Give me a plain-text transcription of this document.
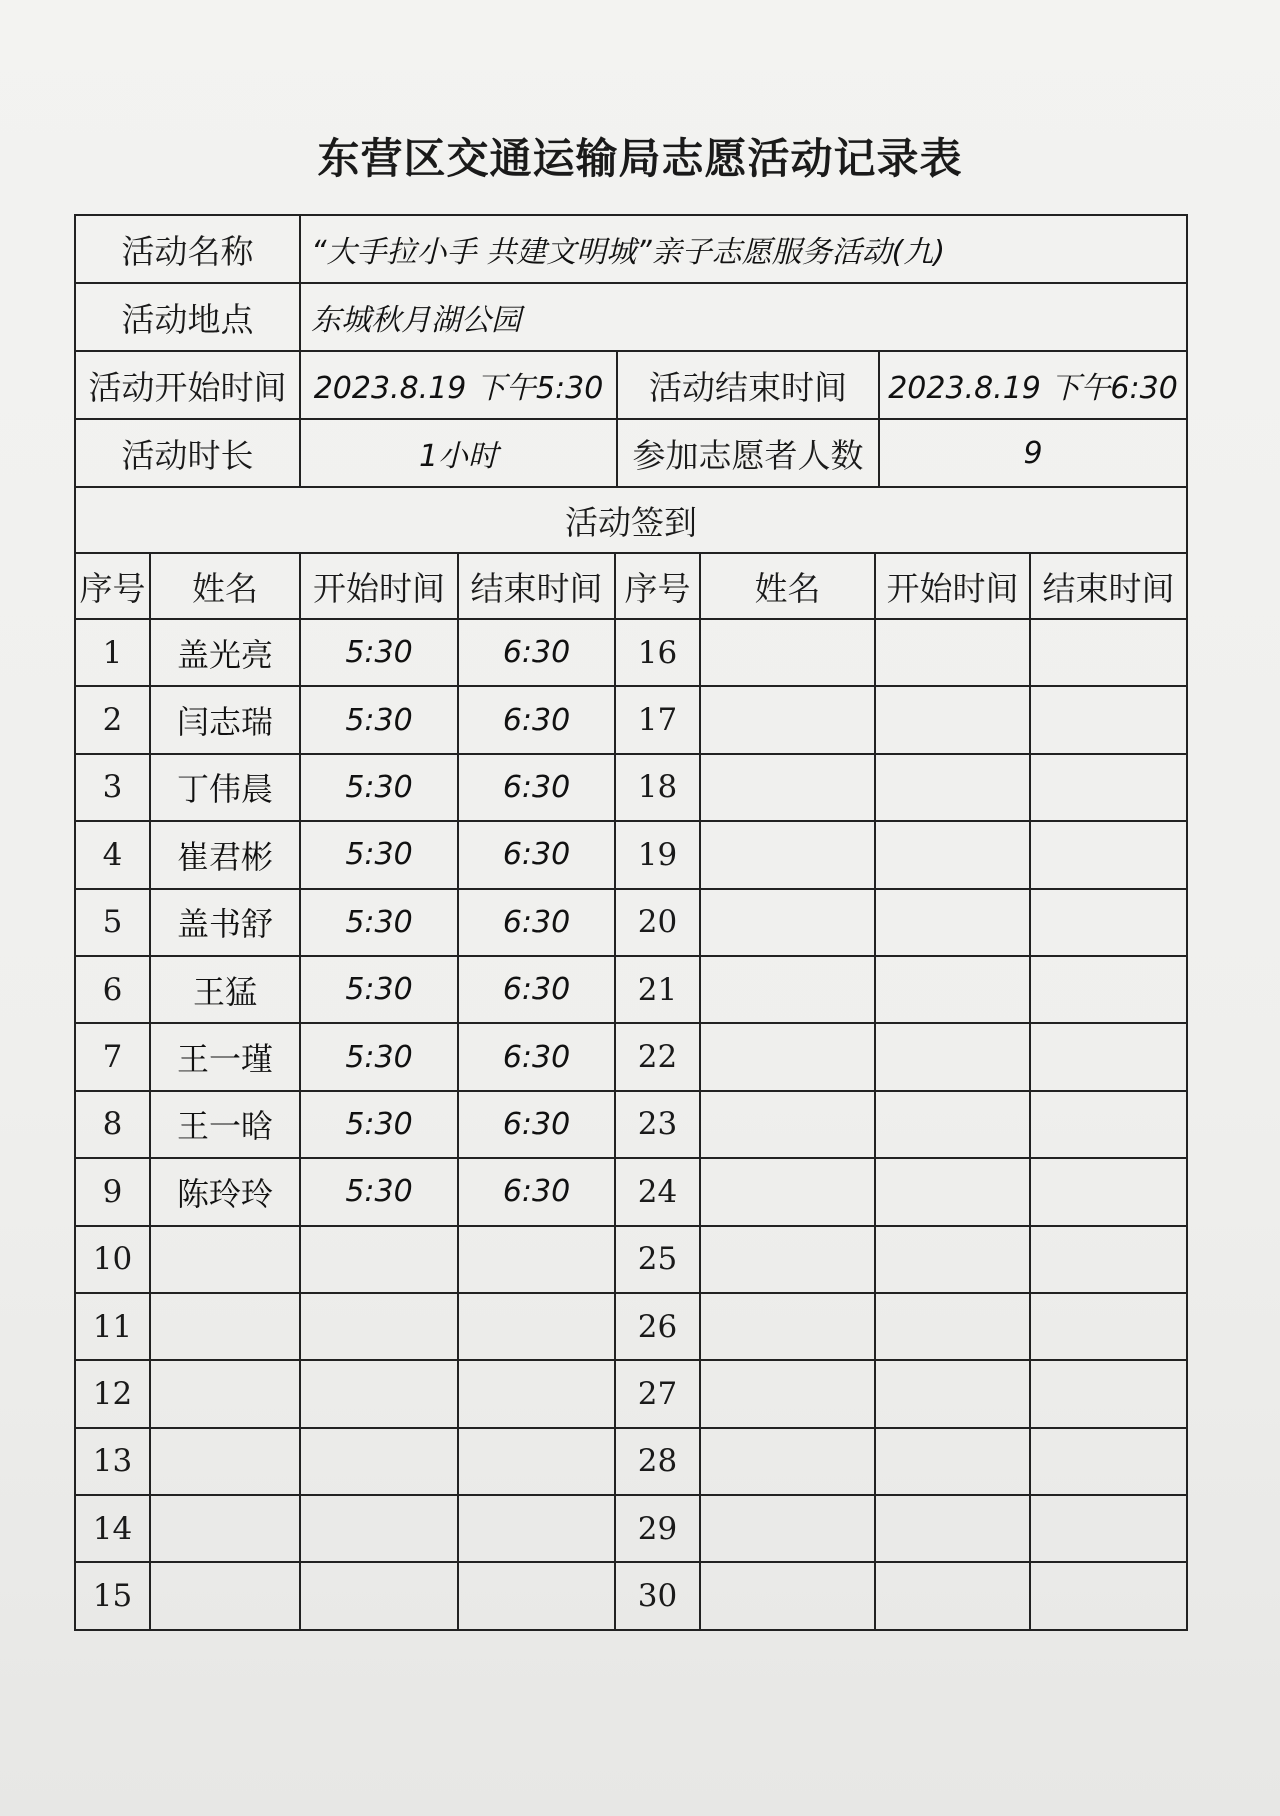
东营区交通运输局志愿活动记录表
活动名称	“大手拉小手 共建文明城”亲子志愿服务活动(九)		
活动地点	东城秋月湖公园		
活动开始时间	2023.8.19 下午5:30	活动结束时间	2023.8.19 下午6:30
活动时长	1小时	参加志愿者人数	9
活动签到			
序号	姓名	开始时间	结束时间	序号	姓名	开始时间	结束时间
1	盖光亮	5:30	6:30	16			
2	闫志瑞	5:30	6:30	17			
3	丁伟晨	5:30	6:30	18			
4	崔君彬	5:30	6:30	19			
5	盖书舒	5:30	6:30	20			
6	王猛	5:30	6:30	21			
7	王一瑾	5:30	6:30	22			
8	王一晗	5:30	6:30	23			
9	陈玲玲	5:30	6:30	24			
10				25			
11				26			
12				27			
13				28			
14				29			
15				30			
